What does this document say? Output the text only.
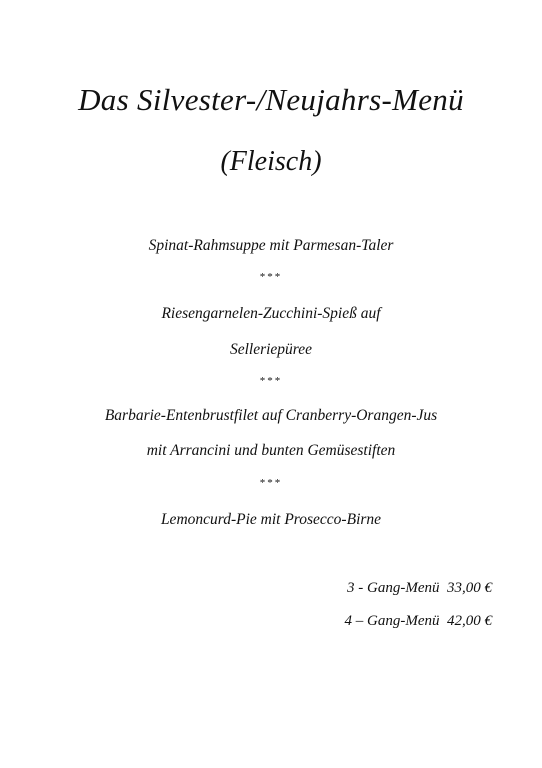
Das Silvester-/Neujahrs-Menü
(Fleisch)
Spinat-Rahmsuppe mit Parmesan-Taler
***
Riesengarnelen-Zucchini-Spieß auf
Selleriepüree
***
Barbarie-Entenbrustfilet auf Cranberry-Orangen-Jus
mit Arrancini und bunten Gemüsestiften
***
Lemoncurd-Pie mit Prosecco-Birne
3 - Gang-Menü  33,00 €
4 – Gang-Menü  42,00 €
